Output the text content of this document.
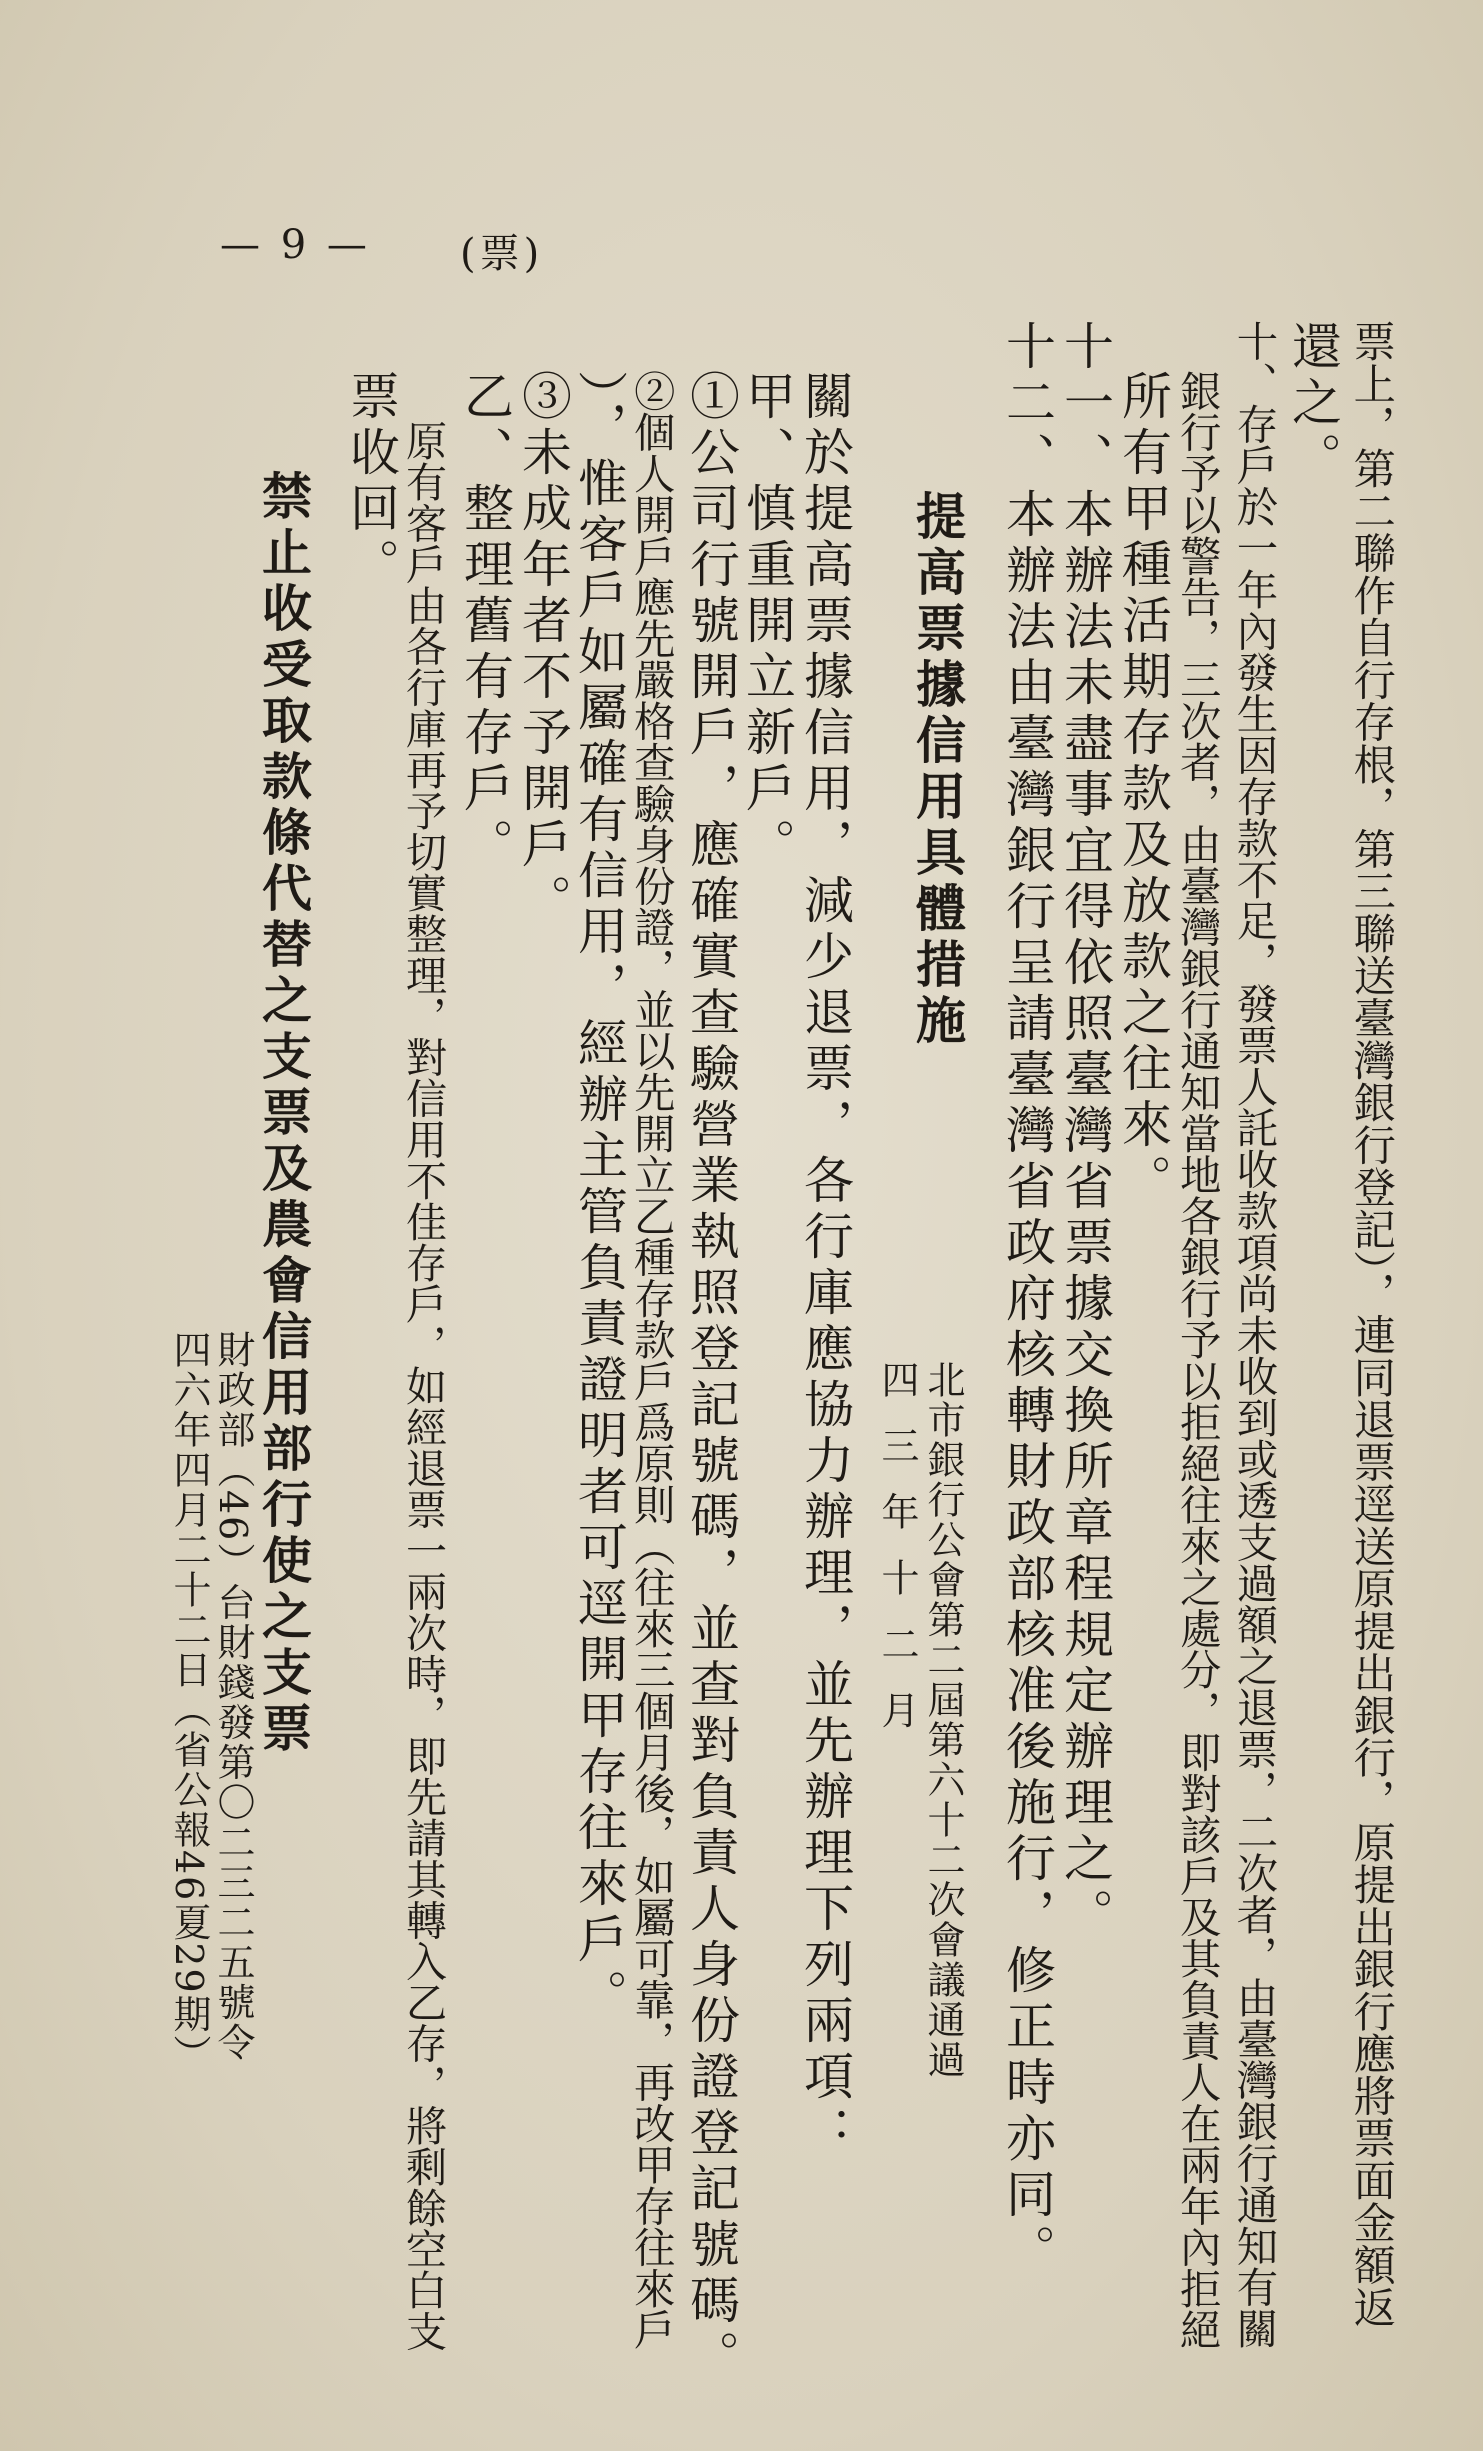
— 9 — (票)
票上，第二聯作自行存根，第三聯送臺灣銀行登記），連同退票逕送原提出銀行，原提出銀行應將票面金額返
還之。
十、存戶於一年內發生因存款不足，發票人託收款項尚未收到或透支過額之退票，二次者，由臺灣銀行通知有關
銀行予以警告，三次者，由臺灣銀行通知當地各銀行予以拒絕往來之處分，即對該戶及其負責人在兩年內拒絕
所有甲種活期存款及放款之往來。
十一、本辦法未盡事宜得依照臺灣省票據交換所章程規定辦理之。
十二、本辦法由臺灣銀行呈請臺灣省政府核轉財政部核准後施行，修正時亦同。
提高票據信用具體措施
北市銀行公會第二屆第六十二次會議通過
四 三 年 十 二 月
關於提高票據信用，減少退票，各行庫應協力辦理，並先辦理下列兩項：
甲、慎重開立新戶。
①公司行號開戶，應確實查驗營業執照登記號碼，並查對負責人身份證登記號碼。
②個人開戶應先嚴格查驗身份證，並以先開立乙種存款戶爲原則（往來三個月後，如屬可靠，再改甲存往來戶
），惟客戶如屬確有信用，經辦主管負責證明者可逕開甲存往來戶。
③未成年者不予開戶。
乙、整理舊有存戶。
原有客戶由各行庫再予切實整理，對信用不佳存戶，如經退票一兩次時，即先請其轉入乙存，將剩餘空白支
票收回。
禁止收受取款條代替之支票及農會信用部行使之支票
財政部（46）台財錢發第〇二三二五號令
四六年四月二十二日（省公報46夏29期）
